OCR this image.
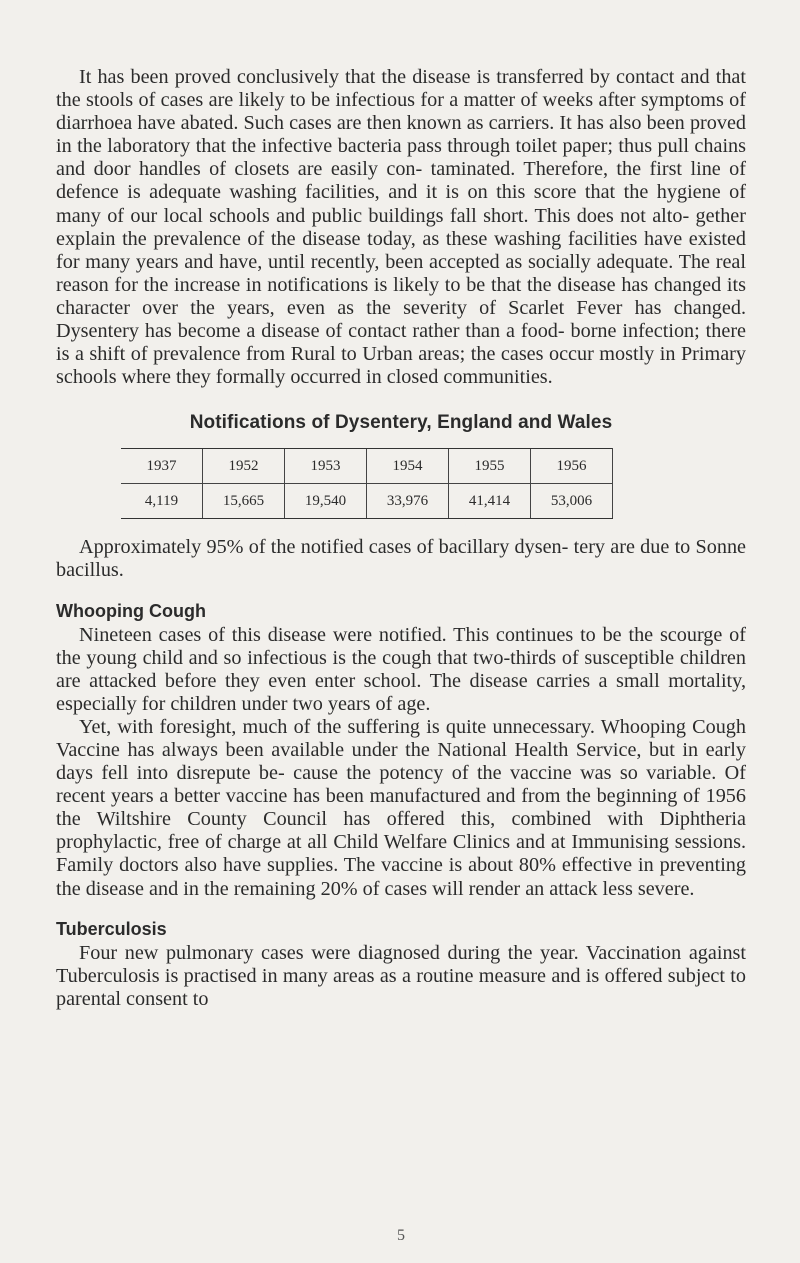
It has been proved conclusively that the disease is transferred by contact and that the stools of cases are likely to be infectious for a matter of weeks after symptoms of diarrhoea have abated. Such cases are then known as carriers. It has also been proved in the laboratory that the infective bacteria pass through toilet paper; thus pull chains and door handles of closets are easily con- taminated. Therefore, the first line of defence is adequate washing facilities, and it is on this score that the hygiene of many of our local schools and public buildings fall short. This does not alto- gether explain the prevalence of the disease today, as these washing facilities have existed for many years and have, until recently, been accepted as socially adequate. The real reason for the increase in notifications is likely to be that the disease has changed its character over the years, even as the severity of Scarlet Fever has changed. Dysentery has become a disease of contact rather than a food- borne infection; there is a shift of prevalence from Rural to Urban areas; the cases occur mostly in Primary schools where they formally occurred in closed communities.

Notifications of Dysentery, England and Wales
1937	1952	1953	1954	1955	1956
4,119	15,665	19,540	33,976	41,414	53,006

Approximately 95% of the notified cases of bacillary dysen- tery are due to Sonne bacillus.

Whooping Cough

Nineteen cases of this disease were notified. This continues to be the scourge of the young child and so infectious is the cough that two-thirds of susceptible children are attacked before they even enter school. The disease carries a small mortality, especially for children under two years of age.

Yet, with foresight, much of the suffering is quite unnecessary. Whooping Cough Vaccine has always been available under the National Health Service, but in early days fell into disrepute be- cause the potency of the vaccine was so variable. Of recent years a better vaccine has been manufactured and from the beginning of 1956 the Wiltshire County Council has offered this, combined with Diphtheria prophylactic, free of charge at all Child Welfare Clinics and at Immunising sessions. Family doctors also have supplies. The vaccine is about 80% effective in preventing the disease and in the remaining 20% of cases will render an attack less severe.

Tuberculosis

Four new pulmonary cases were diagnosed during the year. Vaccination against Tuberculosis is practised in many areas as a routine measure and is offered subject to parental consent to

5
